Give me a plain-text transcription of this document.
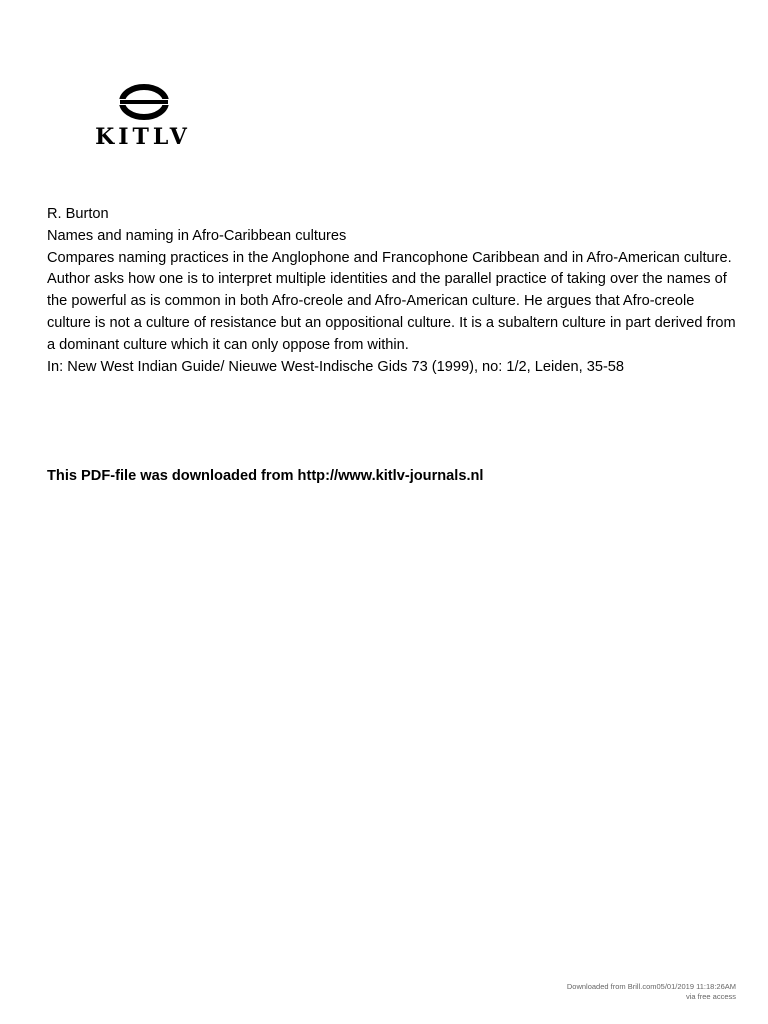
KITLV

R. Burton

Names and naming in Afro-Caribbean cultures

Compares naming practices in the Anglophone and Francophone Caribbean and in Afro-American culture. Author asks how one is to interpret multiple identities and the parallel practice of taking over the names of the powerful as is common in both Afro-creole and Afro-American culture. He argues that Afro-creole culture is not a culture of resistance but an oppositional culture. It is a subaltern culture in part derived from a dominant culture which it can only oppose from within.

In: New West Indian Guide/ Nieuwe West-Indische Gids 73 (1999), no: 1/2, Leiden, 35-58

This PDF-file was downloaded from http://www.kitlv-journals.nl
Downloaded from Brill.com05/01/2019 11:18:26AM
via free access
